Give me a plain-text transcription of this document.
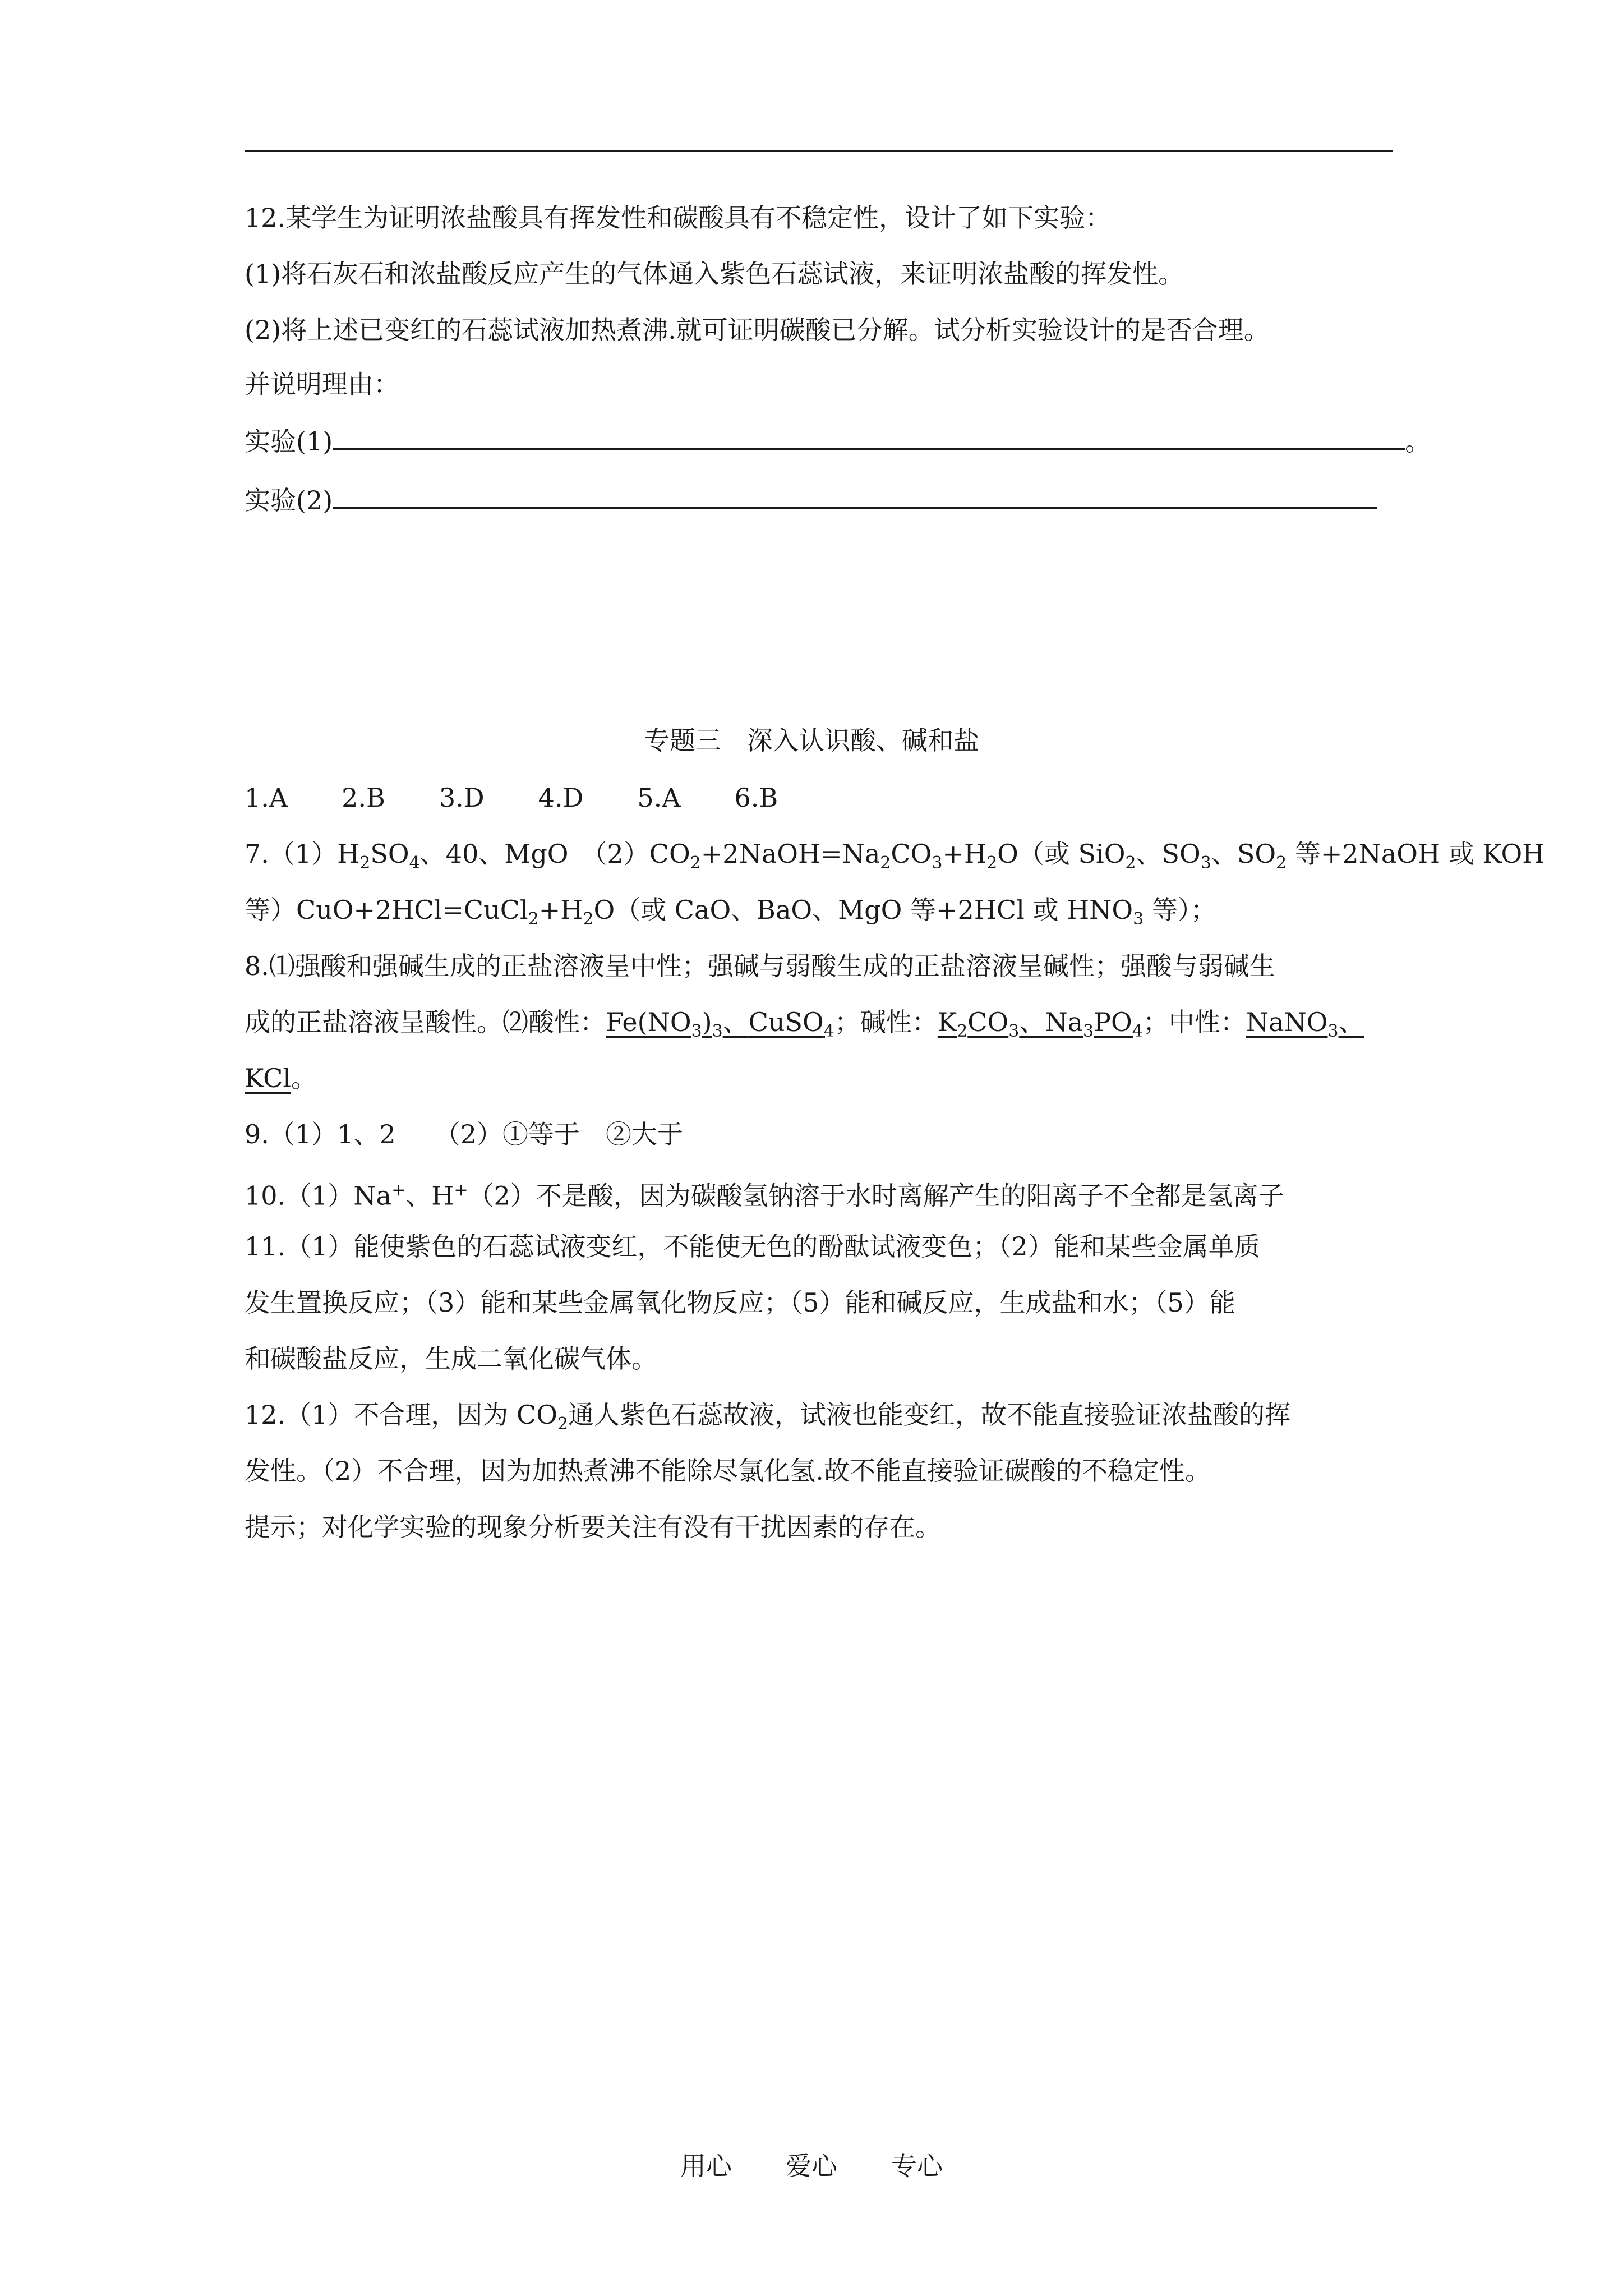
12.某学生为证明浓盐酸具有挥发性和碳酸具有不稳定性，设计了如下实验：
(1)将石灰石和浓盐酸反应产生的气体通入紫色石蕊试液，来证明浓盐酸的挥发性。
(2)将上述已变红的石蕊试液加热煮沸.就可证明碳酸已分解。试分析实验设计的是否合理。
并说明理由：
实验(1)	。
实验(2)
专题三　深入认识酸、碱和盐
1.A 2.B 3.D 4.D 5.A 6.B
$7.(1)H_2SO_4$、40、MgO　$(2)CO_2+2NaOH=Na_2CO_3+H_2O$（或 SiO$_2$、$SO_3$、$SO_2$ 等+2NaOH 或 KOH
等）$CuO+2HCl=CuCl_2+H_2O$（或 CaO、BaO、MgO 等+2HCl 或 $HNO_3$ 等）；
8.⑴强酸和强碱生成的正盐溶液呈中性；强碱与弱酸生成的正盐溶液呈碱性；强酸与弱碱生
成的正盐溶液呈酸性。⑵酸性：$Fe(NO_3)_3$、CuSO$_4$；碱性：$K_2CO_3$、$Na_3PO_4$；中性：NaNO$_3$、
KCl。
9.（1）1、2　　（2）①等于　②大于
10.（1）Na+、H+（2）不是酸，因为碳酸氢钠溶于水时离解产生的阳离子不全都是氢离子
11.（1）能使紫色的石蕊试液变红，不能使无色的酚酞试液变色；（2）能和某些金属单质
发生置换反应；（3）能和某些金属氧化物反应；（5）能和碱反应，生成盐和水；（5）能
和碳酸盐反应，生成二氧化碳气体。
12.（1）不合理，因为 $CO_2$通人紫色石蕊故液，试液也能变红，故不能直接验证浓盐酸的挥
发性。（2）不合理，因为加热煮沸不能除尽氯化氢.故不能直接验证碳酸的不稳定性。
提示；对化学实验的现象分析要关注有没有干扰因素的存在。
用心 爱心 专心
